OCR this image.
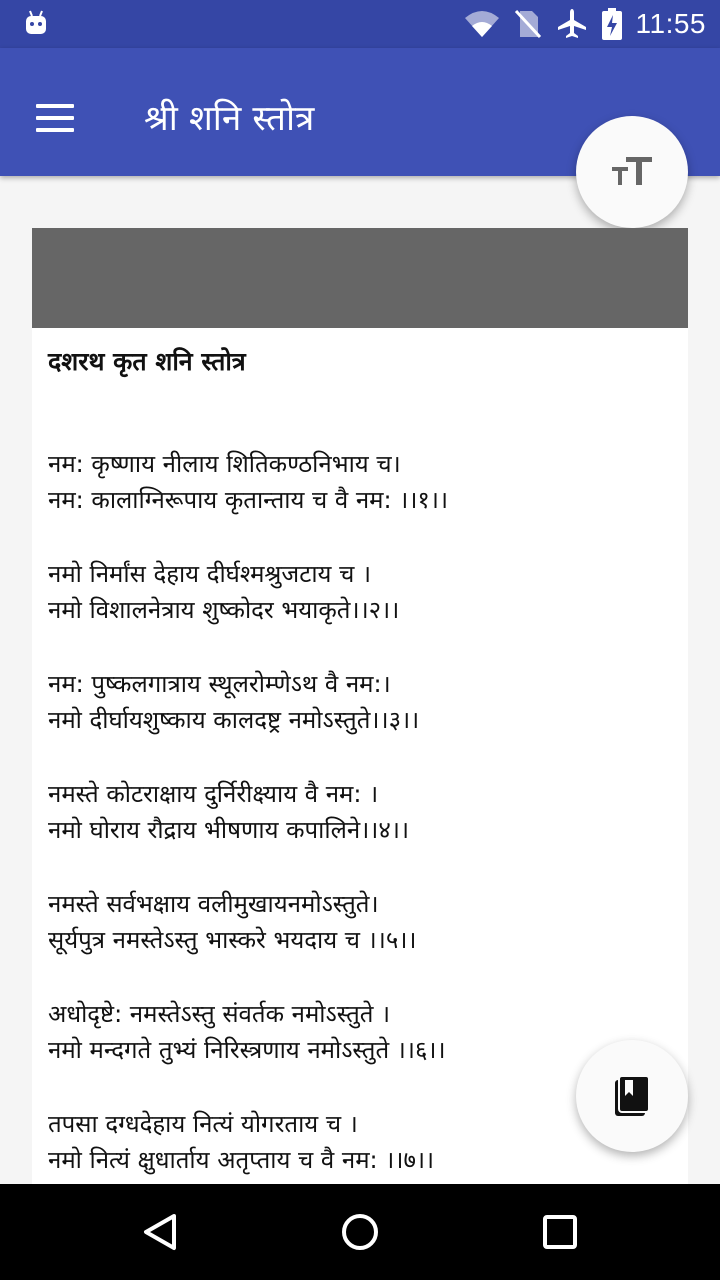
11:55
श्री शनि स्तोत्र

दशरथ कृत शनि स्तोत्र

नम: कृष्णाय नीलाय शितिकण्ठनिभाय च।
नम: कालाग्निरूपाय कृतान्ताय च वै नम: ।।१।।
नमो निर्मांस देहाय दीर्घश्मश्रुजटाय च ।
नमो विशालनेत्राय शुष्कोदर भयाकृते।।२।।
नम: पुष्कलगात्राय स्थूलरोम्णेऽथ वै नम:।
नमो दीर्घायशुष्काय कालदष्ट्र नमोऽस्तुते।।३।।
नमस्ते कोटराक्षाय दुर्निरीक्ष्याय वै नम: ।
नमो घोराय रौद्राय भीषणाय कपालिने।।४।।
नमस्ते सर्वभक्षाय वलीमुखायनमोऽस्तुते।
सूर्यपुत्र नमस्तेऽस्तु भास्करे भयदाय च ।।५।।
अधोदृष्टे: नमस्तेऽस्तु संवर्तक नमोऽस्तुते ।
नमो मन्दगते तुभ्यं निरिस्त्रणाय नमोऽस्तुते ।।६।।
तपसा दग्धदेहाय नित्यं योगरताय च ।
नमो नित्यं क्षुधार्ताय अतृप्ताय च वै नम: ।।७।।
